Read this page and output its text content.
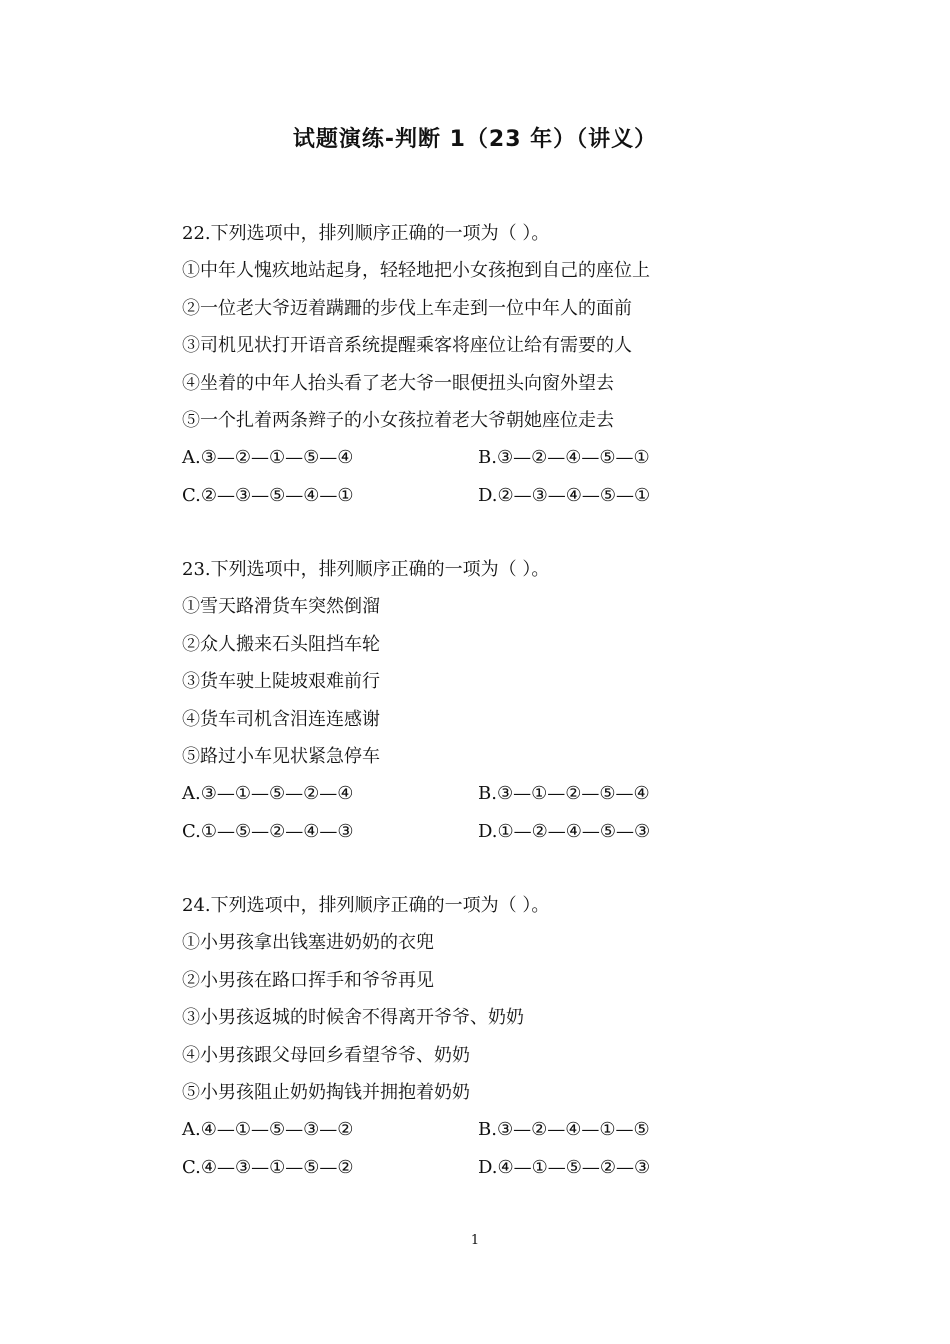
试题演练-判断 1（23 年）（讲义）
22.下列选项中，排列顺序正确的一项为（ ）。
①中年人愧疚地站起身，轻轻地把小女孩抱到自己的座位上
②一位老大爷迈着蹒跚的步伐上车走到一位中年人的面前
③司机见状打开语音系统提醒乘客将座位让给有需要的人
④坐着的中年人抬头看了老大爷一眼便扭头向窗外望去
⑤一个扎着两条辫子的小女孩拉着老大爷朝她座位走去
A.③—②—①—⑤—④	B.③—②—④—⑤—①
C.②—③—⑤—④—①	D.②—③—④—⑤—①
23.下列选项中，排列顺序正确的一项为（ ）。
①雪天路滑货车突然倒溜
②众人搬来石头阻挡车轮
③货车驶上陡坡艰难前行
④货车司机含泪连连感谢
⑤路过小车见状紧急停车
A.③—①—⑤—②—④	B.③—①—②—⑤—④
C.①—⑤—②—④—③	D.①—②—④—⑤—③
24.下列选项中，排列顺序正确的一项为（ ）。
①小男孩拿出钱塞进奶奶的衣兜
②小男孩在路口挥手和爷爷再见
③小男孩返城的时候舍不得离开爷爷、奶奶
④小男孩跟父母回乡看望爷爷、奶奶
⑤小男孩阻止奶奶掏钱并拥抱着奶奶
A.④—①—⑤—③—②	B.③—②—④—①—⑤
C.④—③—①—⑤—②	D.④—①—⑤—②—③
1
